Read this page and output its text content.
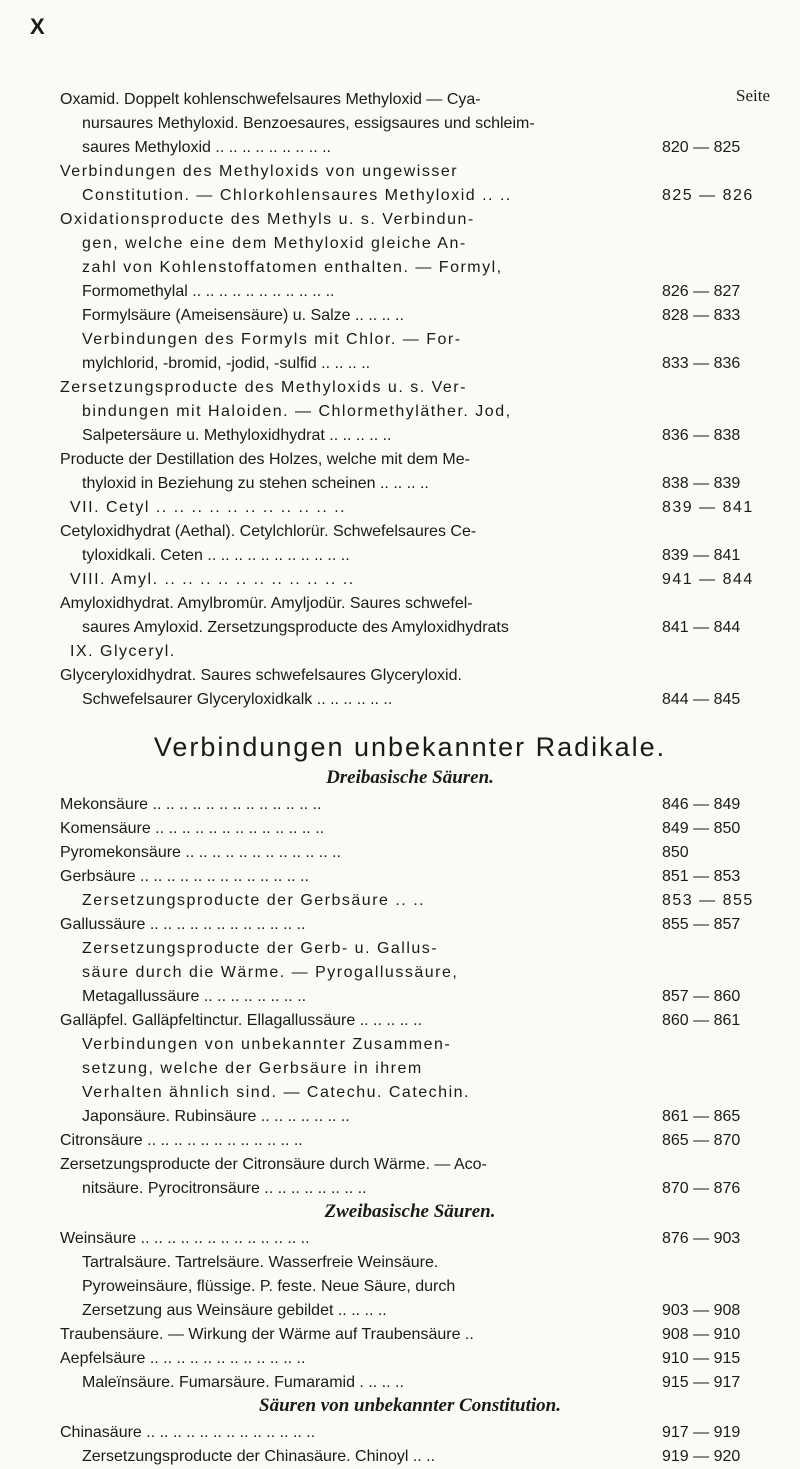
X
Seite
Oxamid. Doppelt kohlenschwefelsaures Methyloxid — Cya-
nursaures Methyloxid. Benzoesaures, essigsaures und schleim-
saures Methyloxid .. .. .. .. .. .. .. .. ..	820 — 825
Verbindungen des Methyloxids von ungewisser
Constitution. — Chlorkohlensaures Methyloxid .. ..	825 — 826
Oxidationsproducte des Methyls u. s. Verbindun-
gen, welche eine dem Methyloxid gleiche An-
zahl von Kohlenstoffatomen enthalten. — Formyl,
Formomethylal .. .. .. .. .. .. .. .. .. .. ..	826 — 827
Formylsäure (Ameisensäure) u. Salze .. .. .. ..	828 — 833
Verbindungen des Formyls mit Chlor. — For-
mylchlorid, -bromid, -jodid, -sulfid .. .. .. ..	833 — 836
Zersetzungsproducte des Methyloxids u. s. Ver-
bindungen mit Haloiden. — Chlormethyläther. Jod,
Salpetersäure u. Methyloxidhydrat .. .. .. .. ..	836 — 838
Producte der Destillation des Holzes, welche mit dem Me-
thyloxid in Beziehung zu stehen scheinen .. .. .. ..	838 — 839
VII. Cetyl .. .. .. .. .. .. .. .. .. .. ..	839 — 841
Cetyloxidhydrat (Aethal). Cetylchlorür. Schwefelsaures Ce-
tyloxidkali. Ceten .. .. .. .. .. .. .. .. .. .. ..	839 — 841
VIII. Amyl. .. .. .. .. .. .. .. .. .. .. ..	941 — 844
Amyloxidhydrat. Amylbromür. Amyljodür. Saures schwefel-
saures Amyloxid. Zersetzungsproducte des Amyloxidhydrats	841 — 844
IX. Glyceryl.
Glyceryloxidhydrat. Saures schwefelsaures Glyceryloxid.
Schwefelsaurer Glyceryloxidkalk .. .. .. .. .. ..	844 — 845
Verbindungen unbekannter Radikale.
Dreibasische Säuren.
Mekonsäure .. .. .. .. .. .. .. .. .. .. .. .. ..	846 — 849
Komensäure .. .. .. .. .. .. .. .. .. .. .. .. ..	849 — 850
Pyromekonsäure .. .. .. .. .. .. .. .. .. .. .. ..	850
Gerbsäure .. .. .. .. .. .. .. .. .. .. .. .. ..	851 — 853
Zersetzungsproducte der Gerbsäure .. ..	853 — 855
Gallussäure .. .. .. .. .. .. .. .. .. .. .. ..	855 — 857
Zersetzungsproducte der Gerb- u. Gallus-
säure durch die Wärme. — Pyrogallussäure,
Metagallussäure .. .. .. .. .. .. .. ..	857 — 860
Galläpfel. Galläpfeltinctur. Ellagallussäure .. .. .. .. ..	860 — 861
Verbindungen von unbekannter Zusammen-
setzung, welche der Gerbsäure in ihrem
Verhalten ähnlich sind. — Catechu. Catechin.
Japonsäure. Rubinsäure .. .. .. .. .. .. ..	861 — 865
Citronsäure .. .. .. .. .. .. .. .. .. .. .. ..	865 — 870
Zersetzungsproducte der Citronsäure durch Wärme. — Aco-
nitsäure. Pyrocitronsäure .. .. .. .. .. .. .. ..	870 — 876
Zweibasische Säuren.
Weinsäure .. .. .. .. .. .. .. .. .. .. .. .. ..	876 — 903
Tartralsäure. Tartrelsäure. Wasserfreie Weinsäure.
Pyroweinsäure, flüssige. P. feste. Neue Säure, durch
Zersetzung aus Weinsäure gebildet .. .. .. ..	903 — 908
Traubensäure. — Wirkung der Wärme auf Traubensäure ..	908 — 910
Aepfelsäure .. .. .. .. .. .. .. .. .. .. .. ..	910 — 915
Maleïnsäure. Fumarsäure. Fumaramid . .. .. ..	915 — 917
Säuren von unbekannter Constitution.
Chinasäure .. .. .. .. .. .. .. .. .. .. .. .. ..	917 — 919
Zersetzungsproducte der Chinasäure. Chinoyl .. ..	919 — 920
